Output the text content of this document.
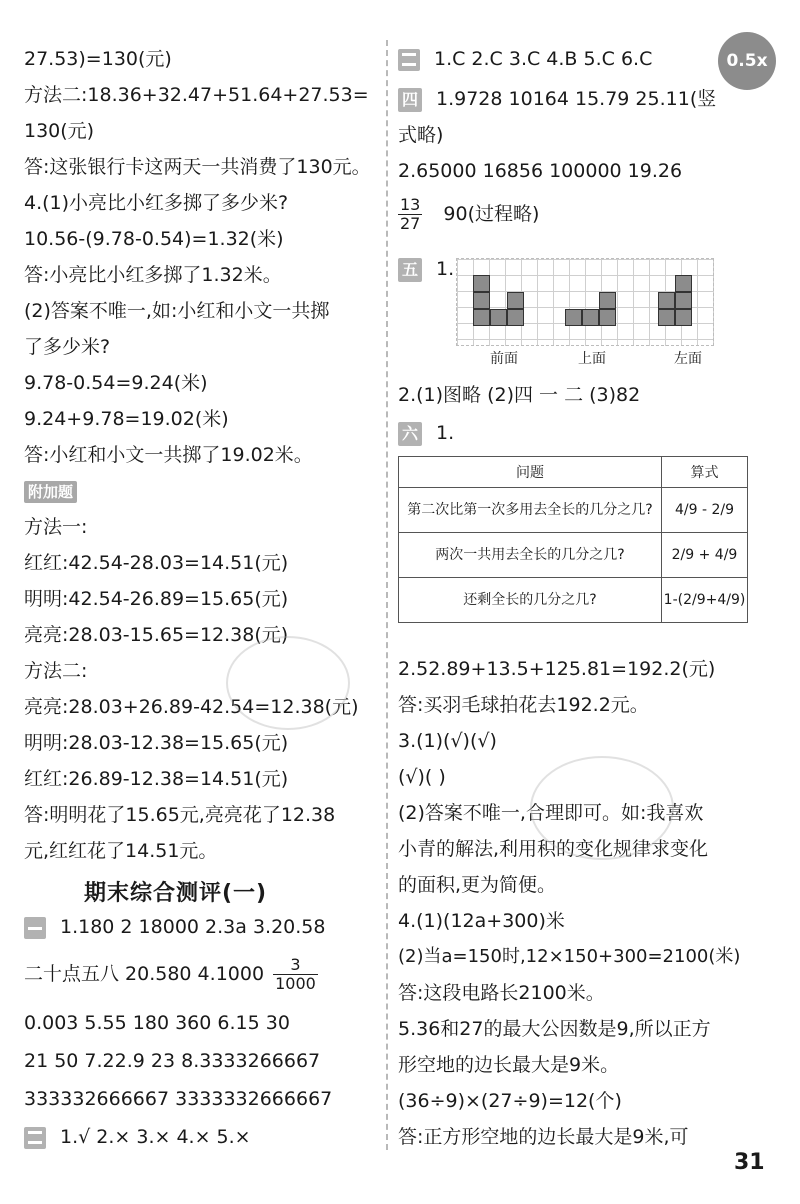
27.53)=130(元)
方法二:18.36+32.47+51.64+27.53=
130(元)
答:这张银行卡这两天一共消费了130元。
4.(1)小亮比小红多掷了多少米?
10.56-(9.78-0.54)=1.32(米)
答:小亮比小红多掷了1.32米。
(2)答案不唯一,如:小红和小文一共掷
了多少米?
9.78-0.54=9.24(米)
9.24+9.78=19.02(米)
答:小红和小文一共掷了19.02米。
附加题
方法一:
红红:42.54-28.03=14.51(元)
明明:42.54-26.89=15.65(元)
亮亮:28.03-15.65=12.38(元)
方法二:
亮亮:28.03+26.89-42.54=12.38(元)
明明:28.03-12.38=15.65(元)
红红:26.89-12.38=14.51(元)
答:明明花了15.65元,亮亮花了12.38
元,红红花了14.51元。
期末综合测评(一)
1.180 2 18000 2.3a 3.20.58
二十点五八 20.580 $4.1000 \frac{3}{1000}$
0.003 5.55 180 360 6.15 30
21 50 7.22.9 23 8.3333266667
333332666667 3333332666667
1.√ 2.× 3.× 4.× 5.×
1.C 2.C 3.C 4.B 5.C 6.C
四 1.9728 10164 15.79 25.11(竖
式略)
2.65000 16856 100000 19.26
$\frac{13}{27} 90$(过程略)
五 1.
前面	上面	左面
2.(1)图略 (2)四 一 二 (3)82
六 1.
问题	算式
第二次比第一次多用去全长的几分之几?	4/9 - 2/9
两次一共用去全长的几分之几?	2/9 + 4/9
还剩全长的几分之几?	1-(2/9+4/9)
2.52.89+13.5+125.81=192.2(元)
答:买羽毛球拍花去192.2元。
3.(1)(√)(√)
(√)( )
(2)答案不唯一,合理即可。如:我喜欢
小青的解法,利用积的变化规律求变化
的面积,更为简便。
4.(1)(12a+300)米
(2)当a=150时,12×150+300=2100(米)
答:这段电路长2100米。
5.36和27的最大公因数是9,所以正方
形空地的边长最大是9米。
(36÷9)×(27÷9)=12(个)
答:正方形空地的边长最大是9米,可
0.5x
31
